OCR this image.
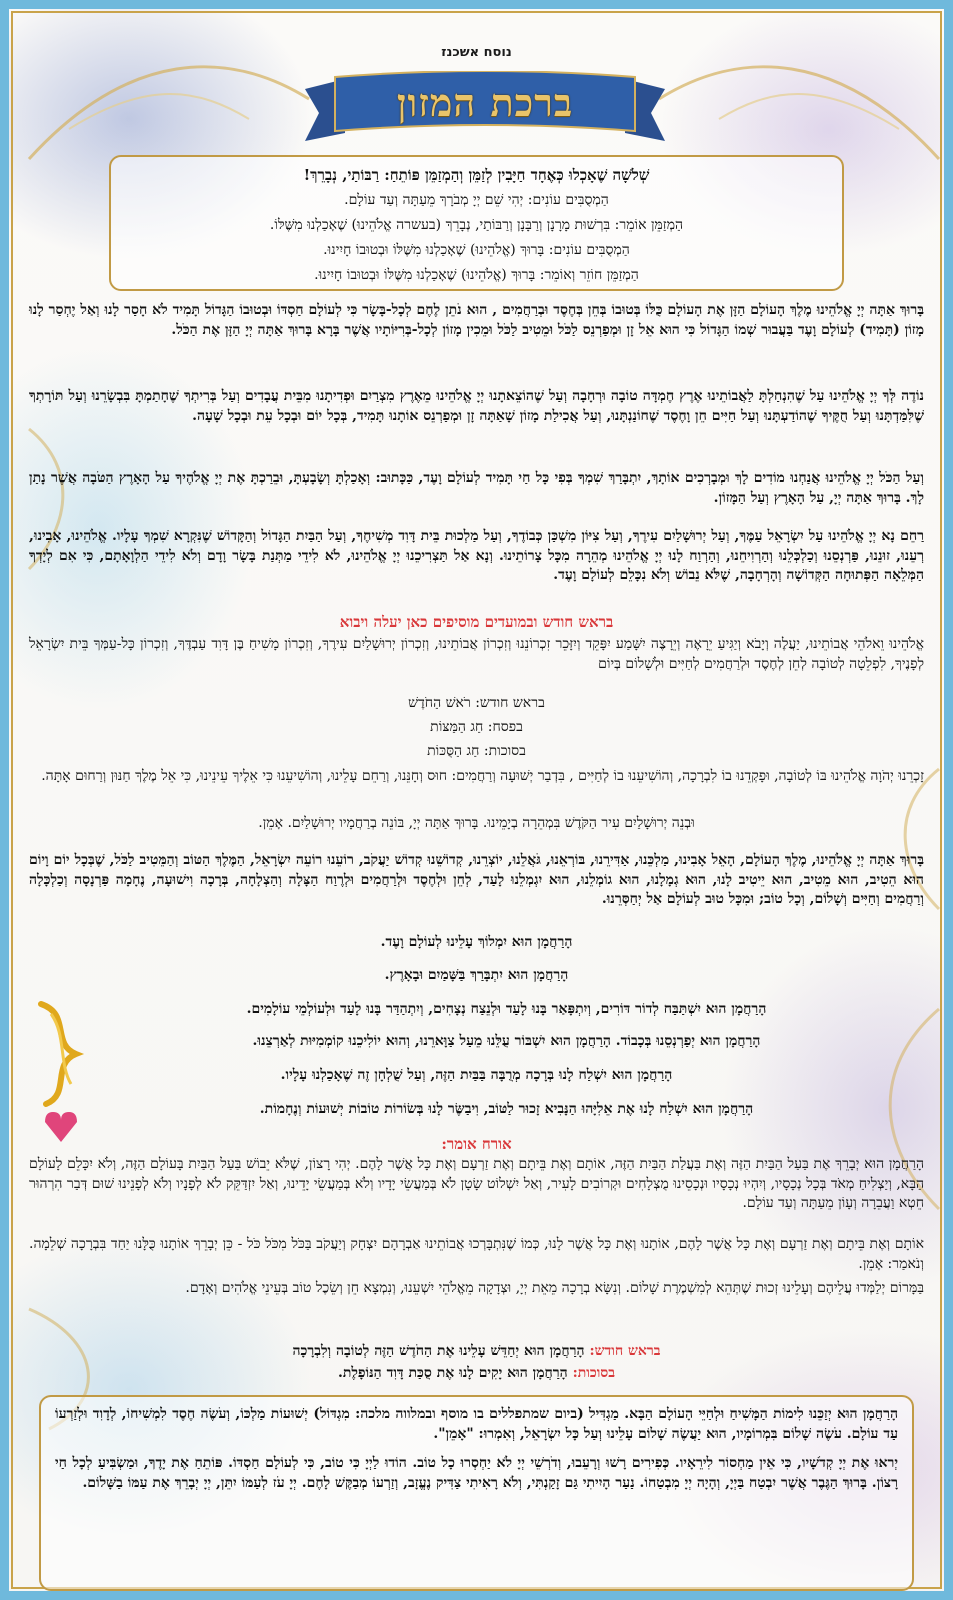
נוסח אשכנז
ברכת המזון

שְׁלֹשָׁה שֶׁאָכְלוּ כְּאֶחָד חַיָּבִין לְזַמֵּן וְהַמְזַמֵּן פּוֹתֵחַ: רַבּוֹתַי, נְבָרֵךְ!

הַמְסֻבִּים עוֹנִים: יְהִי שֵׁם יְיָ מְבֹרָךְ מֵעַתָּה וְעַד עוֹלָם.

הַמְזַמֵּן אוֹמֵר: בִּרְשׁוּת מָרָנָן וְרַבָּנָן וְרַבּוֹתַי, נְבָרֵךְ (בעשרה אֱלֹהֵינוּ) שֶׁאָכַלְנוּ מִשֶּׁלּוֹ.

הַמְסֻבִּים עוֹנִים: בָּרוּךְ (אֱלֹהֵינוּ) שֶׁאָכַלְנוּ מִשֶּׁלּוֹ וּבְטוּבוֹ חָיִינוּ.

הַמְזַמֵּן חוֹזֵר וְאוֹמֵר: בָּרוּךְ (אֱלֹהֵינוּ) שֶׁאָכַלְנוּ מִשֶּׁלּוֹ וּבְטוּבוֹ חָיִינוּ.

בָּרוּךְ אַתָּה יְיָ אֱלֹהֵינוּ מֶלֶךְ הָעוֹלָם הַזָּן אֶת הָעוֹלָם כֻּלּוֹ בְּטוּבוֹ בְּחֵן בְּחֶסֶד וּבְרַחֲמִים , הוּא נֹתֵן לֶחֶם לְכָל-בָּשָׂר כִּי לְעוֹלָם חַסְדּוֹ וּבְטוּבוֹ הַגָּדוֹל תָּמִיד לֹא חָסַר לָנוּ וְאַל יֶחְסַר לָנוּ מָזוֹן (תָּמִיד) לְעוֹלָם וָעֶד בַּעֲבוּר שְׁמוֹ הַגָּדוֹל כִּי הוּא אֵל זָן וּמְפַרְנֵס לַכֹּל וּמֵטִיב לַכֹּל וּמֵכִין מָזוֹן לְכָל-בְּרִיּוֹתָיו אֲשֶׁר בָּרָא בָּרוּךְ אַתָּה יְיָ הַזָּן אֶת הַכֹּל.
נוֹדֶה לְּךָ יְיָ אֱלֹהֵינוּ עַל שֶׁהִנְחַלְתָּ לַאֲבוֹתֵינוּ אֶרֶץ חֶמְדָּה טוֹבָה וּרְחָבָה וְעַל שֶׁהוֹצֵאתָנוּ יְיָ אֱלֹהֵינוּ מֵאֶרֶץ מִצְרַיִם וּפְדִיתָנוּ מִבֵּית עֲבָדִים וְעַל בְּרִיתְךָ שֶׁחָתַמְתָּ בִּבְשָׂרֵנוּ וְעַל תּוֹרָתְךָ שֶׁלִּמַּדְתָּנוּ וְעַל חֻקֶּיךָ שֶׁהוֹדַעְתָּנוּ וְעַל חַיִּים חֵן וָחֶסֶד שֶׁחוֹנַנְתָּנוּ, וְעַל אֲכִילַת מָזוֹן שָׁאַתָּה זָן וּמְפַרְנֵס אוֹתָנוּ תָּמִיד, בְּכָל יוֹם וּבְכָל עֵת וּבְכָל שָׁעָה.
וְעַל הַכֹּל יְיָ אֱלֹהֵינוּ אֲנַחְנוּ מוֹדִים לָךְ וּמְבָרְכִים אוֹתָךְ, יִתְבָּרַךְ שִׁמְךָ בְּפִי כָּל חַי תָּמִיד לְעוֹלָם וָעֶד, כַּכָּתוּב: וְאָכַלְתָּ וְשָׂבָעְתָּ, וּבֵרַכְתָּ אֶת יְיָ אֱלֹהֶיךָ עַל הָאָרֶץ הַטֹּבָה אֲשֶׁר נָתַן לָךְ. בָּרוּךְ אַתָּה יְיָ, עַל הָאָרֶץ וְעַל הַמָּזוֹן.
רַחֵם נָא יְיָ אֱלֹהֵינוּ עַל יִשְׂרָאֵל עַמֶּךָ, וְעַל יְרוּשָׁלַיִם עִירֶךָ, וְעַל צִיּוֹן מִשְׁכַּן כְּבוֹדֶךָ, וְעַל מַלְכוּת בֵּית דָּוִד מְשִׁיחֶךָ, וְעַל הַבַּיִת הַגָּדוֹל וְהַקָּדוֹשׁ שֶׁנִּקְרָא שִׁמְךָ עָלָיו. אֱלֹהֵינוּ, אָבִינוּ, רְעֵנוּ, זוּנֵנוּ, פַּרְנְסֵנוּ וְכַלְכְּלֵנוּ וְהַרְוִיחֵנוּ, וְהַרְוַח לָנוּ יְיָ אֱלֹהֵינוּ מְהֵרָה מִכָּל צָרוֹתֵינוּ. וְנָא אַל תַּצְרִיכֵנוּ יְיָ אֱלֹהֵינוּ, לֹא לִידֵי מַתְּנַת בָּשָׂר וָדָם וְלֹא לִידֵי הַלְוָאָתָם, כִּי אִם לְיָדְךָ הַמְּלֵאָה הַפְּתוּחָה הַקְּדוֹשָׁה וְהָרְחָבָה, שֶׁלֹּא נֵבוֹשׁ וְלֹא נִכָּלֵם לְעוֹלָם וָעֶד.
בראש חודש ובמועדים מוסיפים כאן יעלה ויבוא
אֱלֹהֵינוּ וֵאלֹהֵי אֲבוֹתֵינוּ, יַעֲלֶה וְיָבֹא וְיַגִּיעַ יֵרָאֶה וְיֵרָצֶה יִשָּׁמַע יִפָּקֵד וְיִזָּכֵר זִכְרוֹנֵנוּ וְזִכְרוֹן אֲבוֹתֵינוּ, וְזִכְרוֹן יְרוּשָׁלַיִם עִירֶךָ, וְזִכְרוֹן מָשִׁיחַ בֶּן דָּוִד עַבְדֶּךָ, וְזִכְרוֹן כָּל-עַמְּךָ בֵּית יִשְׂרָאֵל לְפָנֶיךָ, לִפְלֵטָה לְטוֹבָה לְחֵן לְחֶסֶד וּלְרַחֲמִים לְחַיִּים וּלְשָׁלוֹם בְּיוֹם
בראש חודש: רֹאשׁ הַחֹדֶשׁ
בפסח: חַג הַמַּצּוֹת
בסוכות: חַג הַסֻּכּוֹת
זָכְרֵנוּ יְהֹוָה אֱלֹהֵינוּ בּוֹ לְטוֹבָה, וּפָקְדֵנוּ בוֹ לִבְרָכָה, וְהוֹשִׁיעֵנוּ בוֹ לְחַיִּים , בִּדְבַר יְשׁוּעָה וְרַחֲמִים: חוּס וְחָנֵּנוּ, וְרַחֵם עָלֵינוּ, וְהוֹשִׁיעֵנוּ כִּי אֵלֶיךָ עֵינֵינוּ, כִּי אֵל מֶלֶךְ חַנּוּן וְרַחוּם אָתָּה.
וּבְנֵה יְרוּשָׁלַיִם עִיר הַקֹּדֶשׁ בִּמְהֵרָה בְיָמֵינוּ. בָּרוּךְ אַתָּה יְיָ, בּוֹנֵה בְרַחֲמָיו יְרוּשָׁלַיִם. אָמֵן.
בָּרוּךְ אַתָּה יְיָ אֱלֹהֵינוּ, מֶלֶךְ הָעוֹלָם, הָאֵל אָבִינוּ, מַלְכֵּנוּ, אַדִּירֵנוּ, בּוֹרְאֵנוּ, גֹּאֲלֵנוּ, יוֹצְרֵנוּ, קְדוֹשֵׁנוּ קְדוֹשׁ יַעֲקֹב, רוֹעֵנוּ רוֹעֵה יִשְׂרָאֵל, הַמֶּלֶךְ הַטּוֹב וְהַמֵּטִיב לַכֹּל, שֶׁבְּכָל יוֹם וָיוֹם הוּא הֵטִיב, הוּא מֵטִיב, הוּא יֵיטִיב לָנוּ, הוּא גְמָלָנוּ, הוּא גוֹמְלֵנוּ, הוּא יִגְמְלֵנוּ לָעַד, לְחֵן וּלְחֶסֶד וּלְרַחֲמִים וּלְרֶוַח הַצָּלָה וְהַצְלָחָה, בְּרָכָה וִישׁוּעָה, נֶחָמָה פַּרְנָסָה וְכַלְכָּלָה וְרַחֲמִים וְחַיִּים וְשָׁלוֹם, וְכָל טוֹב; וּמִכָּל טוּב לְעוֹלָם אַל יְחַסְּרֵנוּ.
הָרַחֲמָן הוּא יִמְלוֹךְ עָלֵינוּ לְעוֹלָם וָעֶד.
הָרַחֲמָן הוּא יִתְבָּרַךְ בַּשָּׁמַיִם וּבָאָרֶץ.
הָרַחֲמָן הוּא יִשְׁתַּבַּח לְדוֹר דּוֹרִים, וְיִתְפָּאַר בָּנוּ לָעַד וּלְנֵצַח נְצָחִים, וְיִתְהַדַּר בָּנוּ לָעַד וּלְעוֹלְמֵי עוֹלָמִים.
הָרַחֲמָן הוּא יְפַרְנְסֵנוּ בְּכָבוֹד. הָרַחֲמָן הוּא יִשְׁבּוֹר עֻלֵּנוּ מֵעַל צַוָּארֵנוּ, וְהוּא יוֹלִיכֵנוּ קוֹמְמִיּוּת לְאַרְצֵנוּ.
הָרַחֲמָן הוּא יִשְׁלַח לָנוּ בְּרָכָה מְרֻבָּה בַּבַּיִת הַזֶּה, וְעַל שֻׁלְחָן זֶה שֶׁאָכַלְנוּ עָלָיו.
הָרַחֲמָן הוּא יִשְׁלַח לָנוּ אֶת אֵלִיָּהוּ הַנָּבִיא זָכוּר לַטּוֹב, וִיבַשֶּׂר לָנוּ בְּשׂוֹרוֹת טוֹבוֹת יְשׁוּעוֹת וְנֶחָמוֹת.
אורח אומר:
הָרַחֲמָן הוּא יְבָרֵךְ אֶת בַּעַל הַבַּיִת הַזֶּה וְאֶת בַּעֲלַת הַבַּיִת הַזֶּה, אוֹתָם וְאֶת בֵּיתָם וְאֶת זַרְעָם וְאֶת כָּל אֲשֶׁר לָהֶם. יְהִי רָצוֹן, שֶׁלֹּא יֵבוֹשׁ בַּעַל הַבַּיִת בָּעוֹלָם הַזֶּה, וְלֹא יִכָּלֵם לָעוֹלָם הַבָּא, וְיַצְלִיחַ מְאֹד בְּכָל נְכָסָיו, וְיִהְיוּ נְכָסָיו וּנְכָסֵינוּ מֻצְלָחִים וּקְרוֹבִים לָעִיר, וְאַל יִשְׁלוֹט שָׂטָן לֹא בְּמַעֲשֵׂי יָדָיו וְלֹא בְּמַעֲשֵׂי יָדֵינוּ, וְאַל יִזְדַּקֵּק לֹא לְפָנָיו וְלֹא לְפָנֵינוּ שׁוּם דְּבַר הִרְהוּר חֵטְא וַעֲבֵרָה וְעָוֹן מֵעַתָּה וְעַד עוֹלָם.
אוֹתָם וְאֶת בֵּיתָם וְאֶת זַרְעָם וְאֶת כָּל אֲשֶׁר לָהֶם, אוֹתָנוּ וְאֶת כָּל אֲשֶׁר לָנוּ, כְּמוֹ שֶׁנִּתְבָּרְכוּ אֲבוֹתֵינוּ אַבְרָהָם יִצְחָק וְיַעֲקֹב בַּכֹּל מִכֹּל כֹּל - כֵּן יְבָרֵךְ אוֹתָנוּ כֻּלָּנוּ יַחַד בִּבְרָכָה שְׁלֵמָה. וְנֹאמַר: אָמֵן.
בַּמָּרוֹם יְלַמְּדוּ עֲלֵיהֶם וְעָלֵינוּ זְכוּת שֶׁתְּהֵא לְמִשְׁמֶרֶת שָׁלוֹם. וְנִשָּׂא בְרָכָה מֵאֵת יְיָ, וּצְדָקָה מֵאֱלֹהֵי יִשְׁעֵנוּ, וְנִמְצָא חֵן וְשֵׂכֶל טוֹב בְּעֵינֵי אֱלֹהִים וְאָדָם.
בראש חודש: הָרַחֲמָן הוּא יְחַדֵּשׁ עָלֵינוּ אֶת הַחֹדֶשׁ הַזֶּה לְטוֹבָה וְלִבְרָכָה
בסוכות: הָרַחֲמָן הוּא יָקִים לָנוּ אֶת סֻכַּת דָּוִד הַנּוֹפָלֶת.

הָרַחֲמָן הוּא יְזַכֵּנוּ לִימוֹת הַמָּשִׁיחַ וּלְחַיֵּי הָעוֹלָם הַבָּא. מַגְדִּיל (ביום שמתפללים בו מוסף ובמלווה מלכה: מִגְדּוֹל) יְשׁוּעוֹת מַלְכּוֹ, וְעֹשֶׂה חֶסֶד לִמְשִׁיחוֹ, לְדָוִד וּלְזַרְעוֹ עַד עוֹלָם. עֹשֶׂה שָׁלוֹם בִּמְרוֹמָיו, הוּא יַעֲשֶׂה שָׁלוֹם עָלֵינוּ וְעַל כָּל יִשְׂרָאֵל, וְאִמְרוּ: "אָמֵן".

יְראוּ אֶת יְיָ קְדֹשָׁיו, כִּי אֵין מַחְסוֹר לִירֵאָיו. כְּפִירִים רָשׁוּ וְרָעֵבוּ, וְדֹרְשֵׁי יְיָ לֹא יַחְסְרוּ כָל טוֹב. הוֹדוּ לַיְיָ כִּי טוֹב, כִּי לְעוֹלָם חַסְדּוֹ. פּוֹתֵחַ אֶת יָדֶךָ, וּמַשְׂבִּיעַ לְכָל חַי רָצוֹן. בָּרוּךְ הַגֶּבֶר אֲשֶׁר יִבְטַח בַּיְיָ, וְהָיָה יְיָ מִבְטַחוֹ. נַעַר הָיִיתִי גַּם זָקַנְתִּי, וְלֹא רָאִיתִי צַדִּיק נֶעֱזָב, וְזַרְעוֹ מְבַקֶּשׁ לָחֶם. יְיָ עֹז לְעַמּוֹ יִתֵּן, יְיָ יְבָרֵךְ אֶת עַמּוֹ בַשָּׁלוֹם.
